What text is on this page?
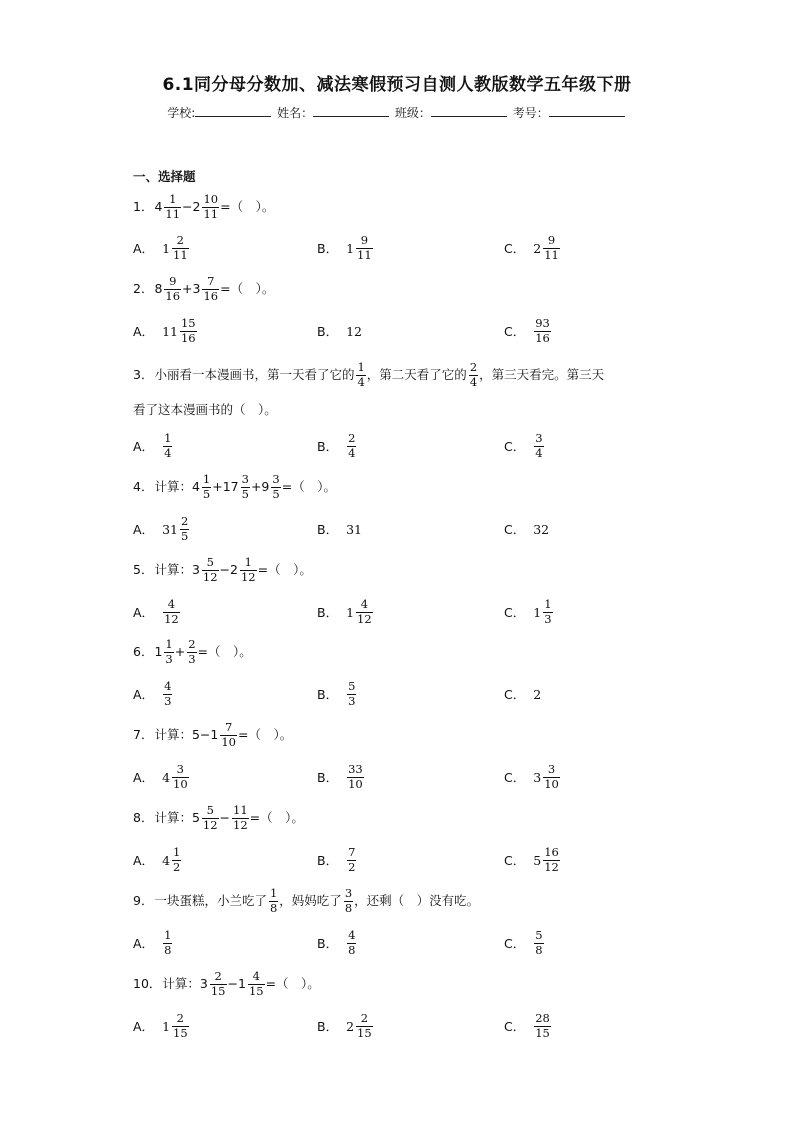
6.1同分母分数加、减法寒假预习自测人教版数学五年级下册
学校:	姓名：	班级：	考号：
一、选择题
1． $4 \frac{1}{11} -2 \frac{10}{11}$ =（　）。
A． $1 \frac{2}{11}$	B． $1 \frac{9}{11}$	C． $2 \frac{9}{11}$
2． $8 \frac{9}{16} +3 \frac{7}{16}$ =（　）。
A． $11 \frac{15}{16}$	B． 12	C． $\frac{93}{16}$
3． 小丽看一本漫画书，第一天看了它的 $\frac{1}{4}$ ，第二天看了它的 $\frac{2}{4}$ ，第三天看完。第三天
看了这本漫画书的（　）。
A． $\frac{1}{4}$	B． $\frac{2}{4}$	C． $\frac{3}{4}$
4． 计算：$4 \frac{1}{5} +17 \frac{3}{5} +9 \frac{3}{5}$ =（　）。
A． $31 \frac{2}{5}$	B． 31	C． 32
5． 计算：$3 \frac{5}{12} -2 \frac{1}{12}$ =（　）。
A． $\frac{4}{12}$	B． $1 \frac{4}{12}$	C． $1 \frac{1}{3}$
6． $1 \frac{1}{3} + \frac{2}{3}$ =（　）。
A． $\frac{4}{3}$	B． $\frac{5}{3}$	C． 2
7． 计算：$5-1 \frac{7}{10}$ =（　）。
A． $4 \frac{3}{10}$	B． $\frac{33}{10}$	C． $3 \frac{3}{10}$
8． 计算：$5 \frac{5}{12} - \frac{11}{12}$ =（　）。
A． $4 \frac{1}{2}$	B． $\frac{7}{2}$	C． $5 \frac{16}{12}$
9． 一块蛋糕，小兰吃了 $\frac{1}{8}$ ，妈妈吃了 $\frac{3}{8}$ ，还剩（　）没有吃。
A． $\frac{1}{8}$	B． $\frac{4}{8}$	C． $\frac{5}{8}$
10． 计算：$3 \frac{2}{15} -1 \frac{4}{15}$ =（　）。
A． $1 \frac{2}{15}$	B． $2 \frac{2}{15}$	C． $\frac{28}{15}$
